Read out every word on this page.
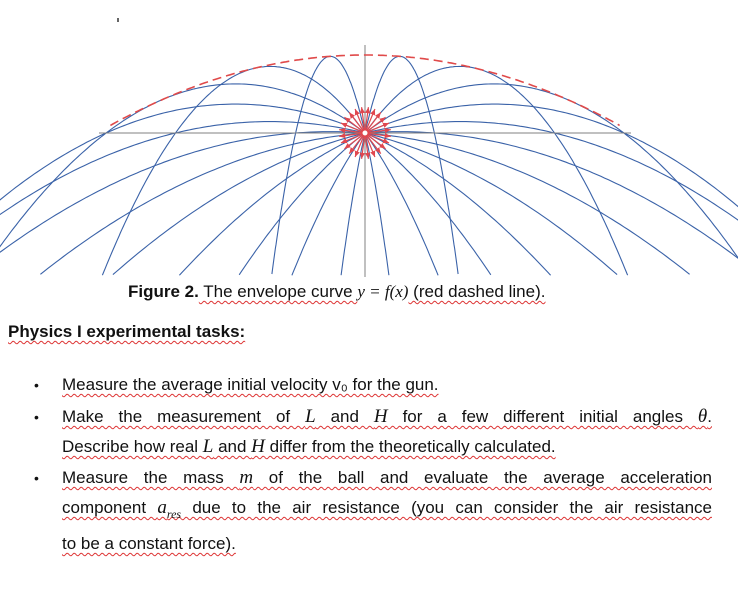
Figure 2. The envelope curve y = f(x) (red dashed line).
Physics I experimental tasks:
• Measure the average initial velocity v₀ for the gun.
• Make the measurement of L and H for a few different initial angles θ.
Describe how real L and H differ from the theoretically calculated.
• Measure the mass m of the ball and evaluate the average acceleration
component $a_{res}$ due to the air resistance (you can consider the air resistance
to be a constant force).
